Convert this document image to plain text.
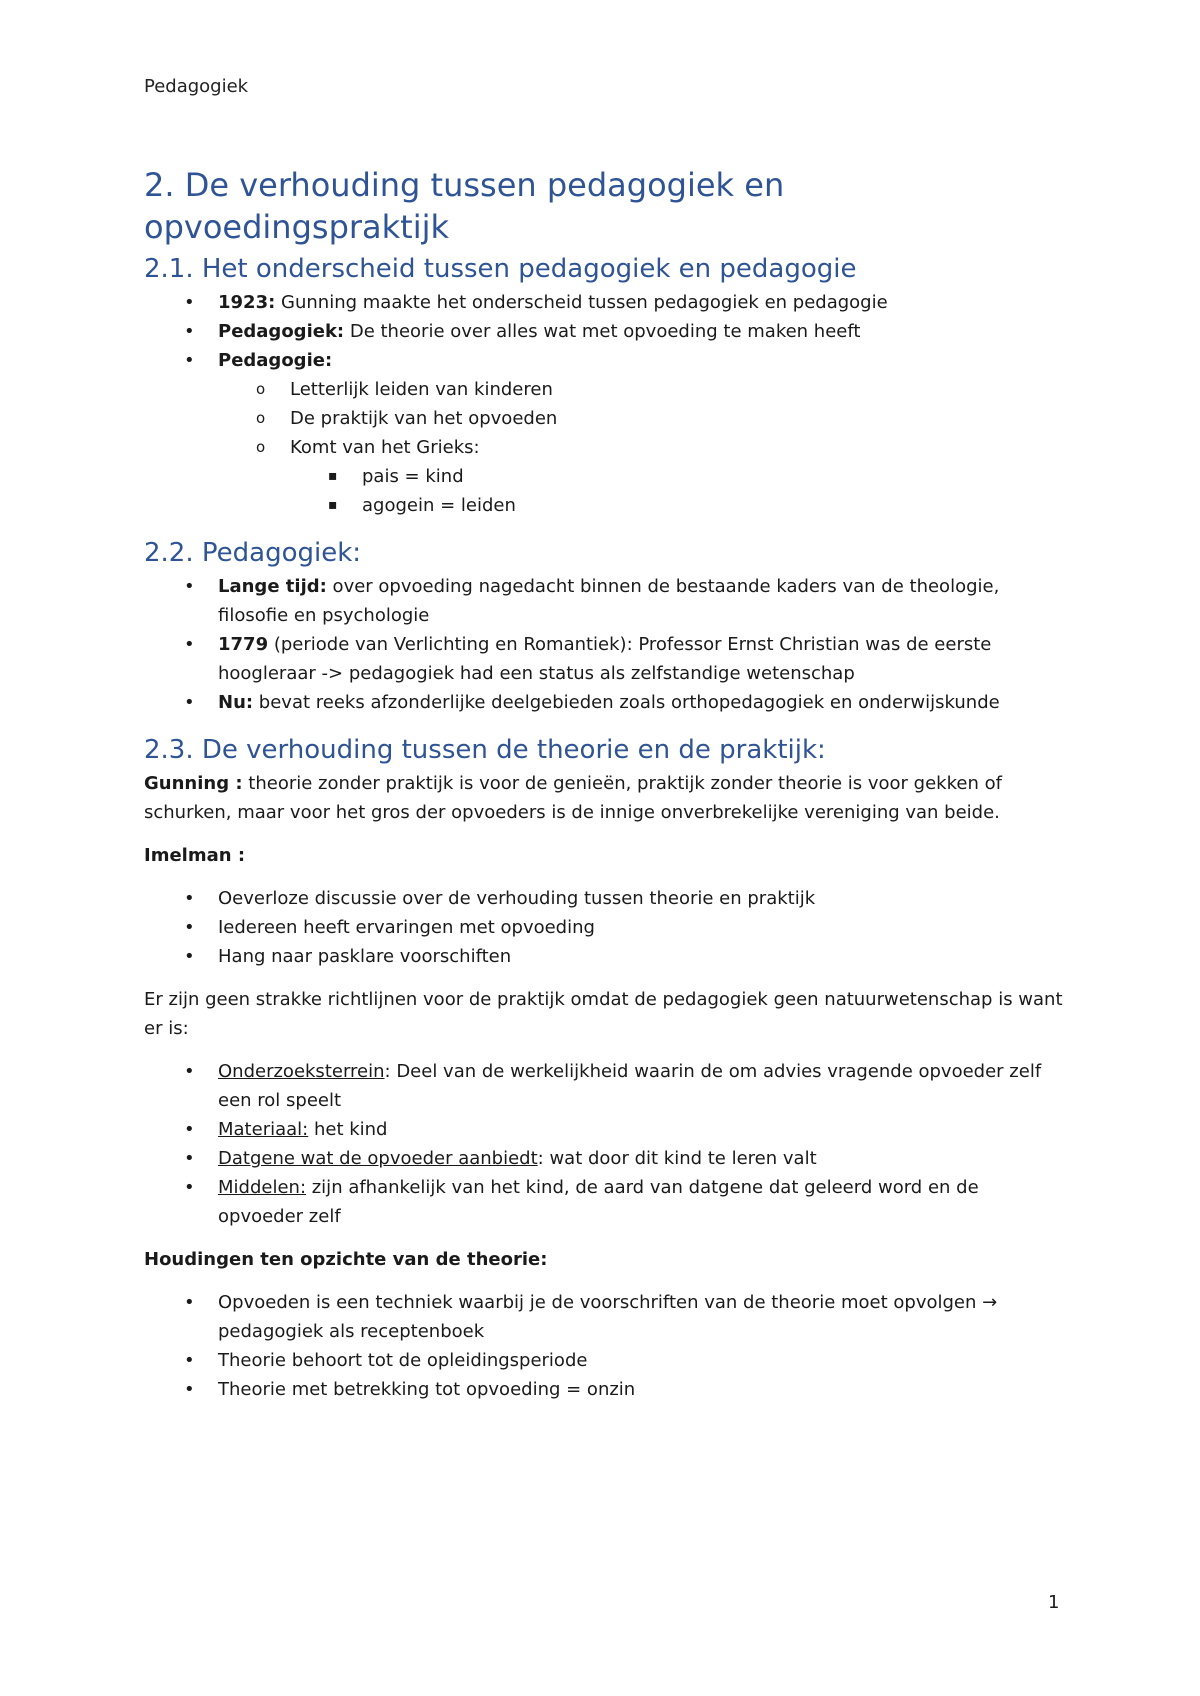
Pedagogiek
2. De verhouding tussen pedagogiek en opvoedingspraktijk
2.1. Het onderscheid tussen pedagogiek en pedagogie
• 1923: Gunning maakte het onderscheid tussen pedagogiek en pedagogie
• Pedagogiek: De theorie over alles wat met opvoeding te maken heeft
• Pedagogie:
o Letterlijk leiden van kinderen
o De praktijk van het opvoeden
o Komt van het Grieks:
▪ pais = kind
▪ agogein = leiden
2.2. Pedagogiek:
• Lange tijd: over opvoeding nagedacht binnen de bestaande kaders van de theologie, filosofie en psychologie
• 1779 (periode van Verlichting en Romantiek): Professor Ernst Christian was de eerste hoogleraar -> pedagogiek had een status als zelfstandige wetenschap
• Nu: bevat reeks afzonderlijke deelgebieden zoals orthopedagogiek en onderwijskunde
2.3. De verhouding tussen de theorie en de praktijk:

Gunning : theorie zonder praktijk is voor de genieën, praktijk zonder theorie is voor gekken of schurken, maar voor het gros der opvoeders is de innige onverbrekelijke vereniging van beide.

Imelman :

• Oeverloze discussie over de verhouding tussen theorie en praktijk
• Iedereen heeft ervaringen met opvoeding
• Hang naar pasklare voorschiften

Er zijn geen strakke richtlijnen voor de praktijk omdat de pedagogiek geen natuurwetenschap is want er is:

• Onderzoeksterrein: Deel van de werkelijkheid waarin de om advies vragende opvoeder zelf een rol speelt
• Materiaal: het kind
• Datgene wat de opvoeder aanbiedt: wat door dit kind te leren valt
• Middelen: zijn afhankelijk van het kind, de aard van datgene dat geleerd word en de opvoeder zelf

Houdingen ten opzichte van de theorie:

• Opvoeden is een techniek waarbij je de voorschriften van de theorie moet opvolgen → pedagogiek als receptenboek
• Theorie behoort tot de opleidingsperiode
• Theorie met betrekking tot opvoeding = onzin
1
